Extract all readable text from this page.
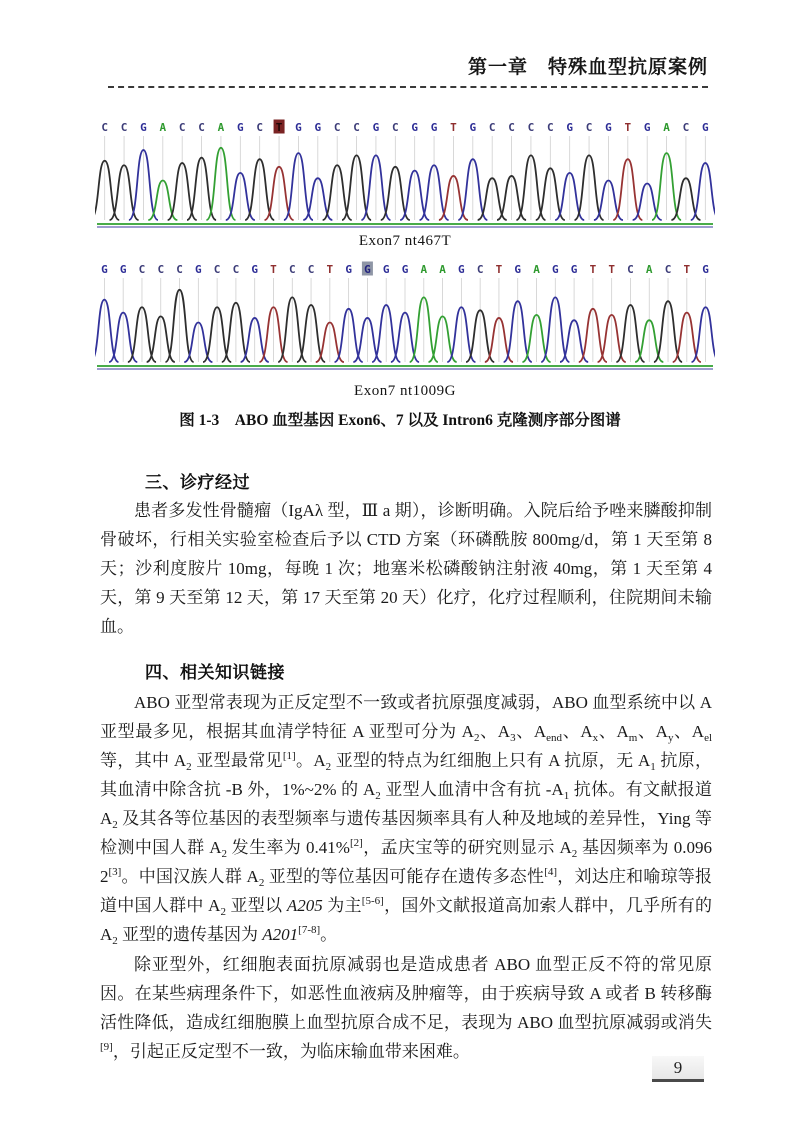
第一章　特殊血型抗原案例
C C G A C C A G C T G G C C G C G G T G C C C C G C G T G A C G
Exon7 nt467T
G G C C C G C C G T C C T G G G G A A G C T G A G G T T C A C T G
Exon7 nt1009G
图 1-3　ABO 血型基因 Exon6、7 以及 Intron6 克隆测序部分图谱
三、诊疗经过
患者多发性骨髓瘤（IgAλ 型，Ⅲ a 期），诊断明确。入院后给予唑来膦酸抑制骨破坏，行相关实验室检查后予以 CTD 方案（环磷酰胺 800mg/d，第 1 天至第 8 天；沙利度胺片 10mg，每晚 1 次；地塞米松磷酸钠注射液 40mg，第 1 天至第 4 天，第 9 天至第 12 天，第 17 天至第 20 天）化疗，化疗过程顺利，住院期间未输血。
四、相关知识链接
ABO 亚型常表现为正反定型不一致或者抗原强度减弱，ABO 血型系统中以 A 亚型最多见，根据其血清学特征 A 亚型可分为 $A_2$、$A_3$、$A_{end}$、$A_x$、$A_m$、$A_y$、$A_{el}$ 等，其中 $A_2$ 亚型最常见[1]。$A_2$ 亚型的特点为红细胞上只有 A 抗原，无 $A_1$ 抗原，其血清中除含抗 -B 外，1%~2% 的 $A_2$ 亚型人血清中含有抗 $-A_1$ 抗体。有文献报道 $A_2$ 及其各等位基因的表型频率与遗传基因频率具有人种及地域的差异性，Ying 等检测中国人群 $A_2$ 发生率为 0.41%[2]，孟庆宝等的研究则显示 $A_2$ 基因频率为 0.096 2[3]。中国汉族人群 $A_2$ 亚型的等位基因可能存在遗传多态性[4]，刘达庄和喻琼等报道中国人群中 $A_2$ 亚型以 A205 为主[5-6]，国外文献报道高加索人群中，几乎所有的 $A_2$ 亚型的遗传基因为 A201[7-8]。
除亚型外，红细胞表面抗原减弱也是造成患者 ABO 血型正反不符的常见原因。在某些病理条件下，如恶性血液病及肿瘤等，由于疾病导致 A 或者 B 转移酶活性降低，造成红细胞膜上血型抗原合成不足，表现为 ABO 血型抗原减弱或消失[9]，引起正反定型不一致，为临床输血带来困难。
9
